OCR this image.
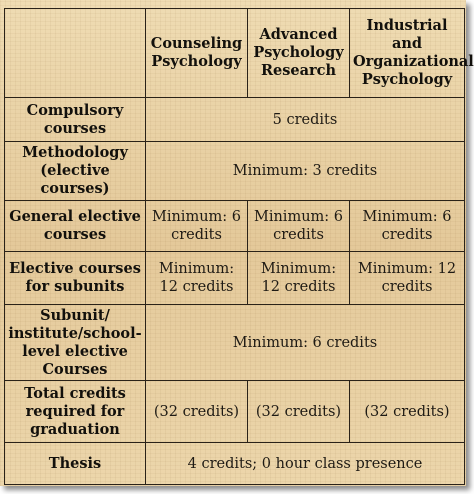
	Counseling Psychology	Advanced Psychology Research	Industrial and Organizational Psychology
Compulsory courses	5 credits		
Methodology (elective courses)	Minimum: 3 credits		
General elective courses	Minimum: 6 credits	Minimum: 6 credits	Minimum: 6 credits
Elective courses for subunits	Minimum: 12 credits	Minimum: 12 credits	Minimum: 12 credits
Subunit/ institute/school-level elective Courses	Minimum: 6 credits		
Total credits required for graduation	(32 credits)	(32 credits)	(32 credits)
Thesis	4 credits; 0 hour class presence		
